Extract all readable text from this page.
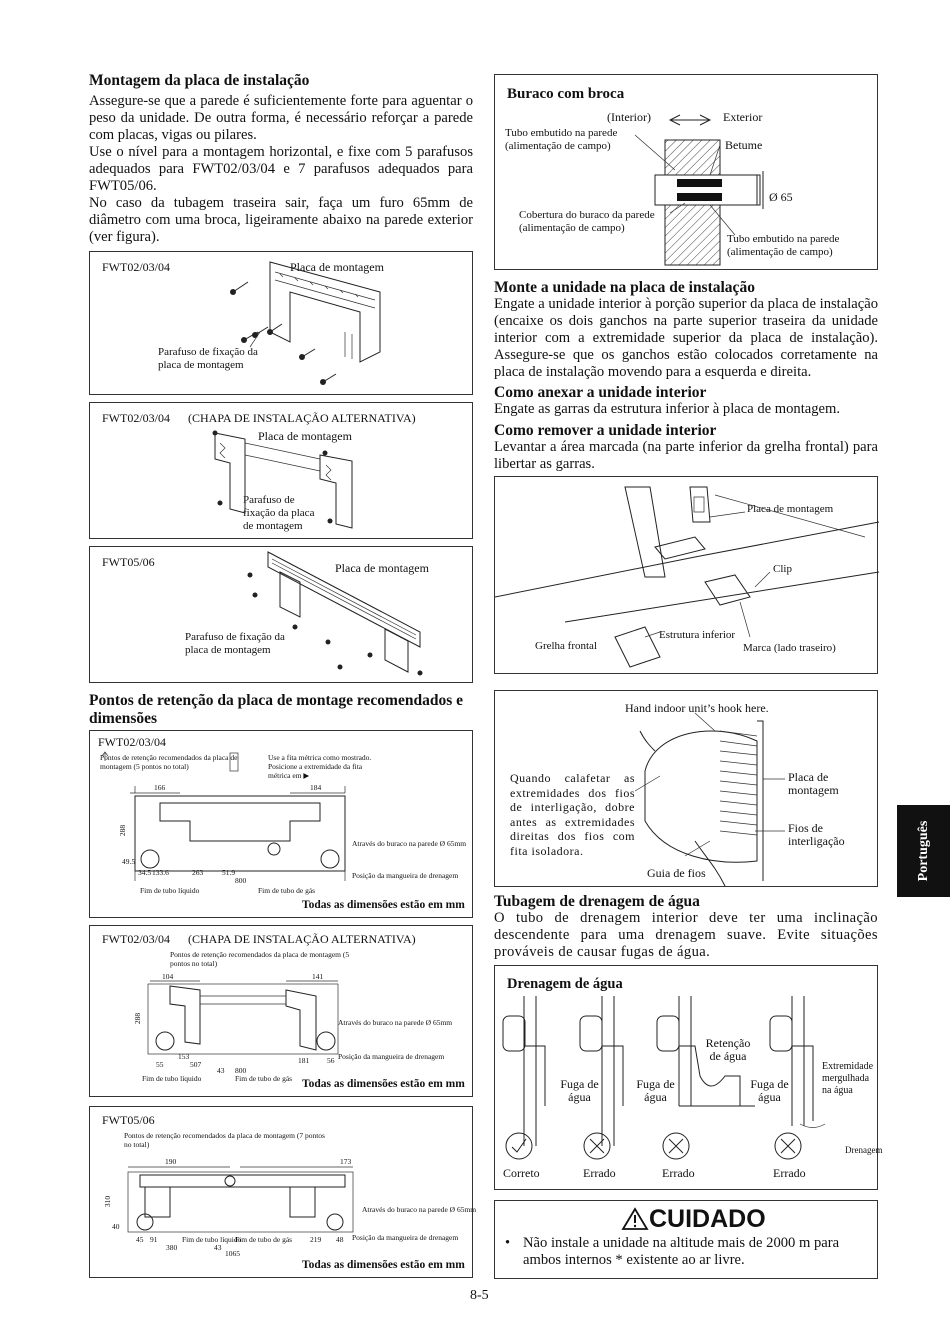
Montagem da placa de instalação

Assegure-se que a parede é suficientemente forte para aguentar o peso da unidade. De outra forma, é necessário reforçar a parede com placas, vigas ou pilares.

Use o nível para a montagem horizontal, e fixe com 5 parafusos adequados para FWT02/03/04 e 7 parafusos adequados para FWT05/06.

No caso da tubagem traseira sair, faça um furo 65mm de diâmetro com uma broca, ligeiramente abaixo na parede exterior (ver figura).

FWT02/03/04	Placa de montagem
Parafuso de fixação da placa de montagem
FWT02/03/04 (CHAPA DE INSTALAÇÃO ALTERNATIVA)
Placa de montagem
Parafuso de fixação da placa de montagem
FWT05/06	Placa de montagem
Parafuso de fixação da placa de montagem
Pontos de retenção da placa de montage recomendados e dimensões
FWT02/03/04
Pontos de retenção recomendados da placa de montagem (5 pontos no total)
Use a fita métrica como mostrado. Posicione a extremidade da fita métrica em ▶
Através do buraco na parede Ø 65mm
Posição da mangueira de drenagem
Fim de tubo líquido	Fim de tubo de gás
166	184
288
34.5 133.6	263	51.9
800
49.5
Todas as dimensões estão em mm
FWT02/03/04 (CHAPA DE INSTALAÇÃO ALTERNATIVA)
Pontos de retenção recomendados da placa de montagem (5 pontos no total)
Através do buraco na parede Ø 65mm
Posição da mangueira de drenagem
Fim de tubo líquido	Fim de tubo de gás
104	141
288
153
55	507	181 56
800
43
Todas as dimensões estão em mm
FWT05/06
Pontos de retenção recomendados da placa de montagem (7 pontos no total)
Através do buraco na parede Ø 65mm
Posição da mangueira de drenagem
Fim de tubo líquido
Fim de tubo de gás
190	173
310
45 91
380	43
219 48
1065
40
Todas as dimensões estão em mm
Buraco com broca
(Interior)	Exterior
Tubo embutido na parede (alimentação de campo)	Betume
Ø 65
Cobertura do buraco da parede (alimentação de campo)
Tubo embutido na parede (alimentação de campo)
Monte a unidade na placa de instalação

Engate a unidade interior à porção superior da placa de instalação (encaixe os dois ganchos na parte superior traseira da unidade interior com a extremidade superior da placa de instalação). Assegure-se que os ganchos estão colocados corretamente na placa de instalação movendo para a esquerda e direita.

Como anexar a unidade interior

Engate as garras da estrutura inferior à placa de montagem.

Como remover a unidade interior

Levantar a área marcada (na parte inferior da grelha frontal) para libertar as garras.

Placa de montagem
Clip
Estrutura inferior
Grelha frontal	Marca (lado traseiro)
Hand indoor unit’s hook here.
Quando calafetar as extremidades dos fios de interligação, dobre antes as extremidades direitas dos fios com fita isoladora.
Placa de montagem
Fios de interligação
Guia de fios
Tubagem de drenagem de água

O tubo de drenagem interior deve ter uma inclinação descendente para uma drenagem suave. Evite situações prováveis de causar fugas de água.

Drenagem de água
Fuga de água
Retenção de água
Fuga de água
Fuga de água
Extremidade mergulhada na água
Drenagem
Correto	Errado	Errado	Errado
CUIDADO
• Não instale a unidade na altitude mais de 2000 m para ambos internos * existente ao ar livre.

Português
8-5
